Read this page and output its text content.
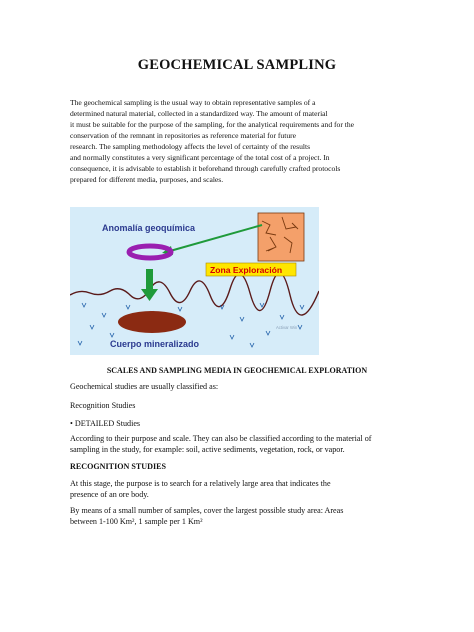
GEOCHEMICAL SAMPLING
The geochemical sampling is the usual way to obtain representative samples of a
determined natural material, collected in a standardized way. The amount of material
it must be suitable for the purpose of the sampling, for the analytical requirements and for the
conservation of the remnant in repositories as reference material for future
research. The sampling methodology affects the level of certainty of the results
and normally constitutes a very significant percentage of the total cost of a project. In
consequence, it is advisable to establish it beforehand through carefully crafted protocols
prepared for different media, purposes, and scales.
Anomalía geoquímica
Zona Exploración
Activar Win
Cuerpo mineralizado
SCALES AND SAMPLING MEDIA IN GEOCHEMICAL EXPLORATION
Geochemical studies are usually classified as:
Recognition Studies
• DETAILED Studies
According to their purpose and scale. They can also be classified according to the material of
sampling in the study, for example: soil, active sediments, vegetation, rock, or vapor.
RECOGNITION STUDIES
At this stage, the purpose is to search for a relatively large area that indicates the
presence of an ore body.
By means of a small number of samples, cover the largest possible study area: Areas
between 1-100 Km², 1 sample per 1 Km²
